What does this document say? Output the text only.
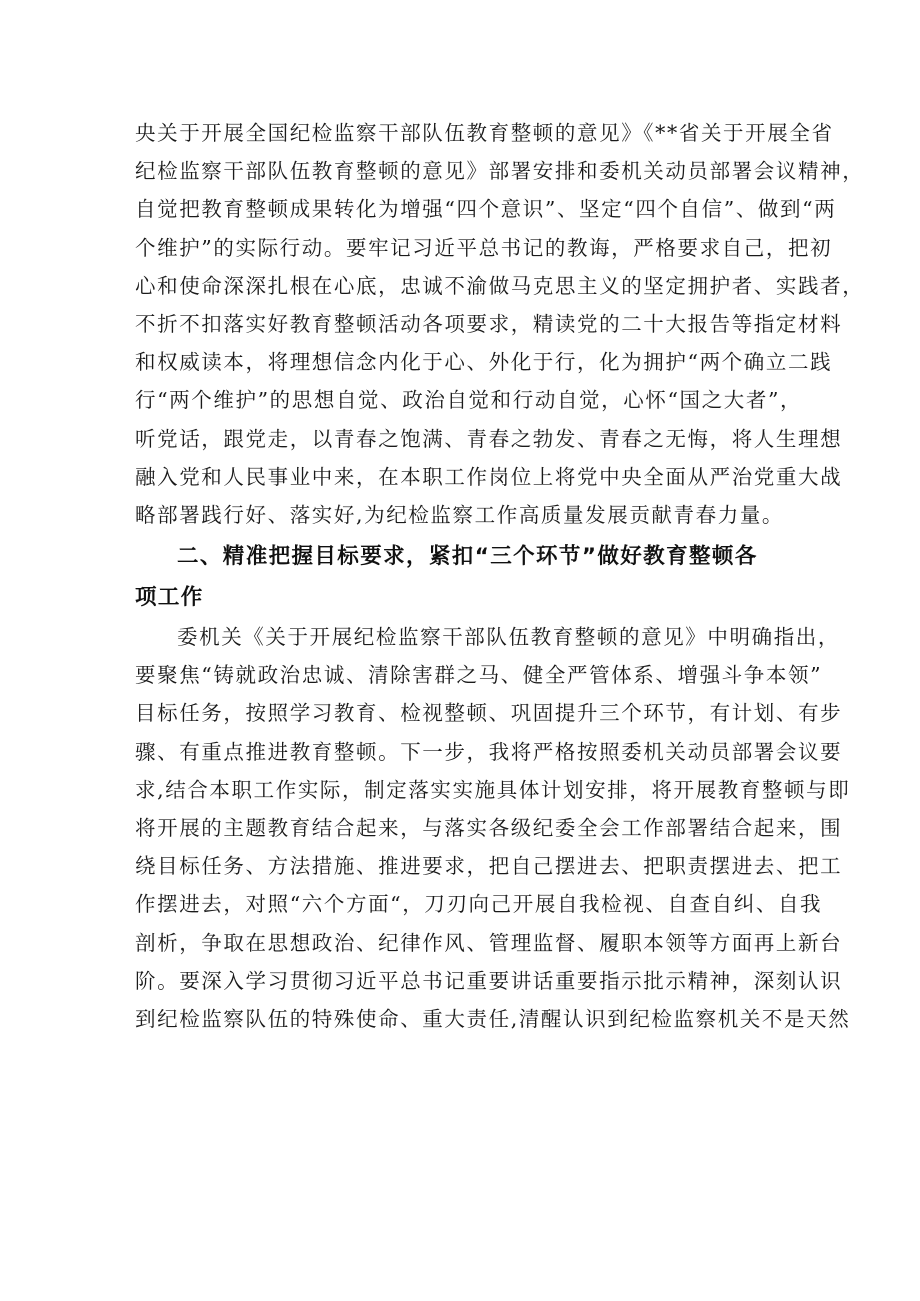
央关于开展全国纪检监察干部队伍教育整顿的意见》《**省关于开展全省
纪检监察干部队伍教育整顿的意见》部署安排和委机关动员部署会议精神，
自觉把教育整顿成果转化为增强“四个意识”、坚定“四个自信”、做到“两
个维护”的实际行动。要牢记习近平总书记的教诲，严格要求自己，把初
心和使命深深扎根在心底，忠诚不渝做马克思主义的坚定拥护者、实践者，
不折不扣落实好教育整顿活动各项要求，精读党的二十大报告等指定材料
和权威读本，将理想信念内化于心、外化于行，化为拥护“两个确立二践
行“两个维护”的思想自觉、政治自觉和行动自觉，心怀“国之大者”，
听党话，跟党走，以青春之饱满、青春之勃发、青春之无悔，将人生理想
融入党和人民事业中来，在本职工作岗位上将党中央全面从严治党重大战
略部署践行好、落实好,为纪检监察工作高质量发展贡献青春力量。
二、精准把握目标要求，紧扣“三个环节”做好教育整顿各
项工作
委机关《关于开展纪检监察干部队伍教育整顿的意见》中明确指出，
要聚焦“铸就政治忠诚、清除害群之马、健全严管体系、增强斗争本领”
目标任务，按照学习教育、检视整顿、巩固提升三个环节，有计划、有步
骤、有重点推进教育整顿。下一步，我将严格按照委机关动员部署会议要
求,结合本职工作实际，制定落实实施具体计划安排，将开展教育整顿与即
将开展的主题教育结合起来，与落实各级纪委全会工作部署结合起来，围
绕目标任务、方法措施、推进要求，把自己摆进去、把职责摆进去、把工
作摆进去，对照“六个方面“，刀刃向己开展自我检视、自查自纠、自我
剖析，争取在思想政治、纪律作风、管理监督、履职本领等方面再上新台
阶。要深入学习贯彻习近平总书记重要讲话重要指示批示精神，深刻认识
到纪检监察队伍的特殊使命、重大责任,清醒认识到纪检监察机关不是天然
